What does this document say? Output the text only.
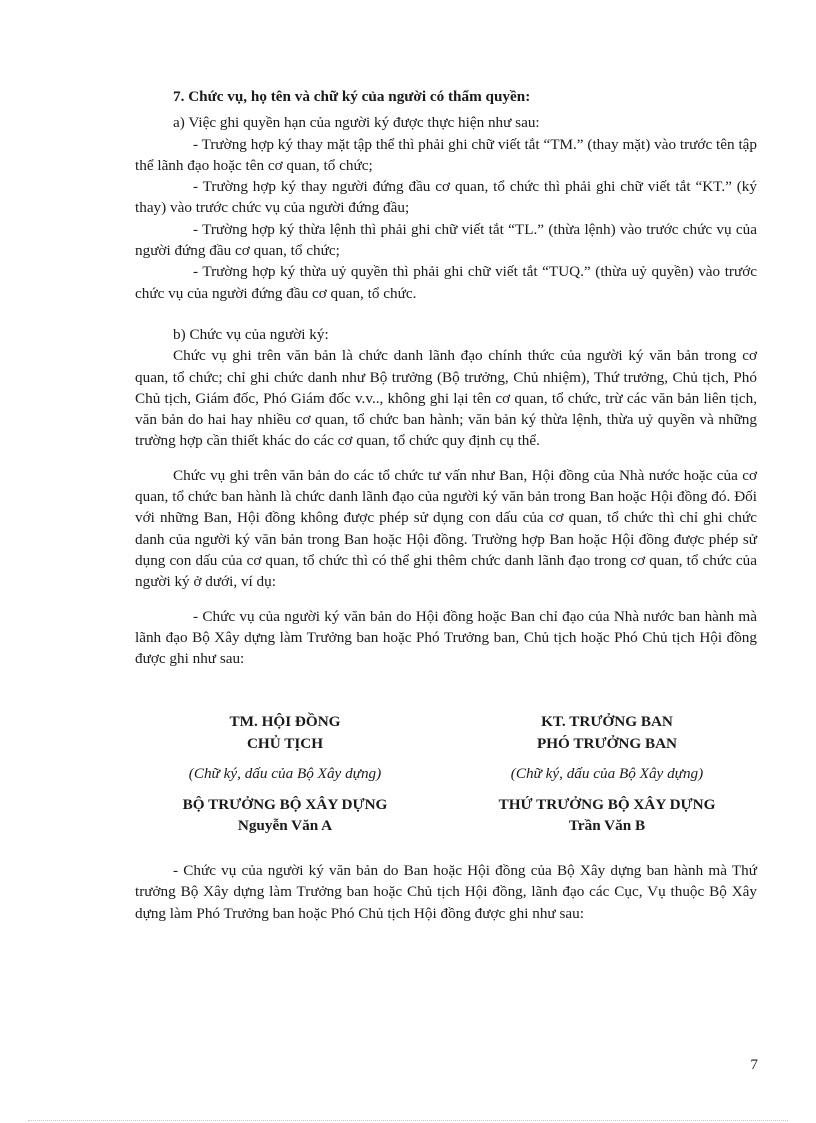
7. Chức vụ, họ tên và chữ ký của người có thẩm quyền:

a) Việc ghi quyền hạn của người ký được thực hiện như sau:

- Trường hợp ký thay mặt tập thể thì phải ghi chữ viết tắt “TM.” (thay mặt) vào trước tên tập thể lãnh đạo hoặc tên cơ quan, tổ chức;

- Trường hợp ký thay người đứng đầu cơ quan, tổ chức thì phải ghi chữ viết tắt “KT.” (ký thay) vào trước chức vụ của người đứng đầu;

- Trường hợp ký thừa lệnh thì phải ghi chữ viết tắt “TL.” (thừa lệnh) vào trước chức vụ của người đứng đầu cơ quan, tổ chức;

- Trường hợp ký thừa uỷ quyền thì phải ghi chữ viết tắt “TUQ.” (thừa uỷ quyền) vào trước chức vụ của người đứng đầu cơ quan, tổ chức.

b) Chức vụ của người ký:

Chức vụ ghi trên văn bản là chức danh lãnh đạo chính thức của người ký văn bản trong cơ quan, tổ chức; chỉ ghi chức danh như Bộ trưởng (Bộ trưởng, Chủ nhiệm), Thứ trưởng, Chủ tịch, Phó Chủ tịch, Giám đốc, Phó Giám đốc v.v.., không ghi lại tên cơ quan, tổ chức, trừ các văn bản liên tịch, văn bản do hai hay nhiều cơ quan, tổ chức ban hành; văn bản ký thừa lệnh, thừa uỷ quyền và những trường hợp cần thiết khác do các cơ quan, tổ chức quy định cụ thể.

Chức vụ ghi trên văn bản do các tổ chức tư vấn như Ban, Hội đồng của Nhà nước hoặc của cơ quan, tổ chức ban hành là chức danh lãnh đạo của người ký văn bản trong Ban hoặc Hội đồng đó. Đối với những Ban, Hội đồng không được phép sử dụng con dấu của cơ quan, tổ chức thì chỉ ghi chức danh của người ký văn bản trong Ban hoặc Hội đồng. Trường hợp Ban hoặc Hội đồng được phép sử dụng con dấu của cơ quan, tổ chức thì có thể ghi thêm chức danh lãnh đạo trong cơ quan, tổ chức của người ký ở dưới, ví dụ:

- Chức vụ của người ký văn bản do Hội đồng hoặc Ban chỉ đạo của Nhà nước ban hành mà lãnh đạo Bộ Xây dựng làm Trưởng ban hoặc Phó Trưởng ban, Chủ tịch hoặc Phó Chủ tịch Hội đồng được ghi như sau:

TM. HỘI ĐỒNG
CHỦ TỊCH
(Chữ ký, dấu của Bộ Xây dựng)
BỘ TRƯỞNG BỘ XÂY DỰNG
Nguyễn Văn A
KT. TRƯỞNG BAN
PHÓ TRƯỞNG BAN
(Chữ ký, dấu của Bộ Xây dựng)
THỨ TRƯỞNG BỘ XÂY DỰNG
Trần Văn B

- Chức vụ của người ký văn bản do Ban hoặc Hội đồng của Bộ Xây dựng ban hành mà Thứ trưởng Bộ Xây dựng làm Trưởng ban hoặc Chủ tịch Hội đồng, lãnh đạo các Cục, Vụ thuộc Bộ Xây dựng làm Phó Trưởng ban hoặc Phó Chủ tịch Hội đồng được ghi như sau:

7
